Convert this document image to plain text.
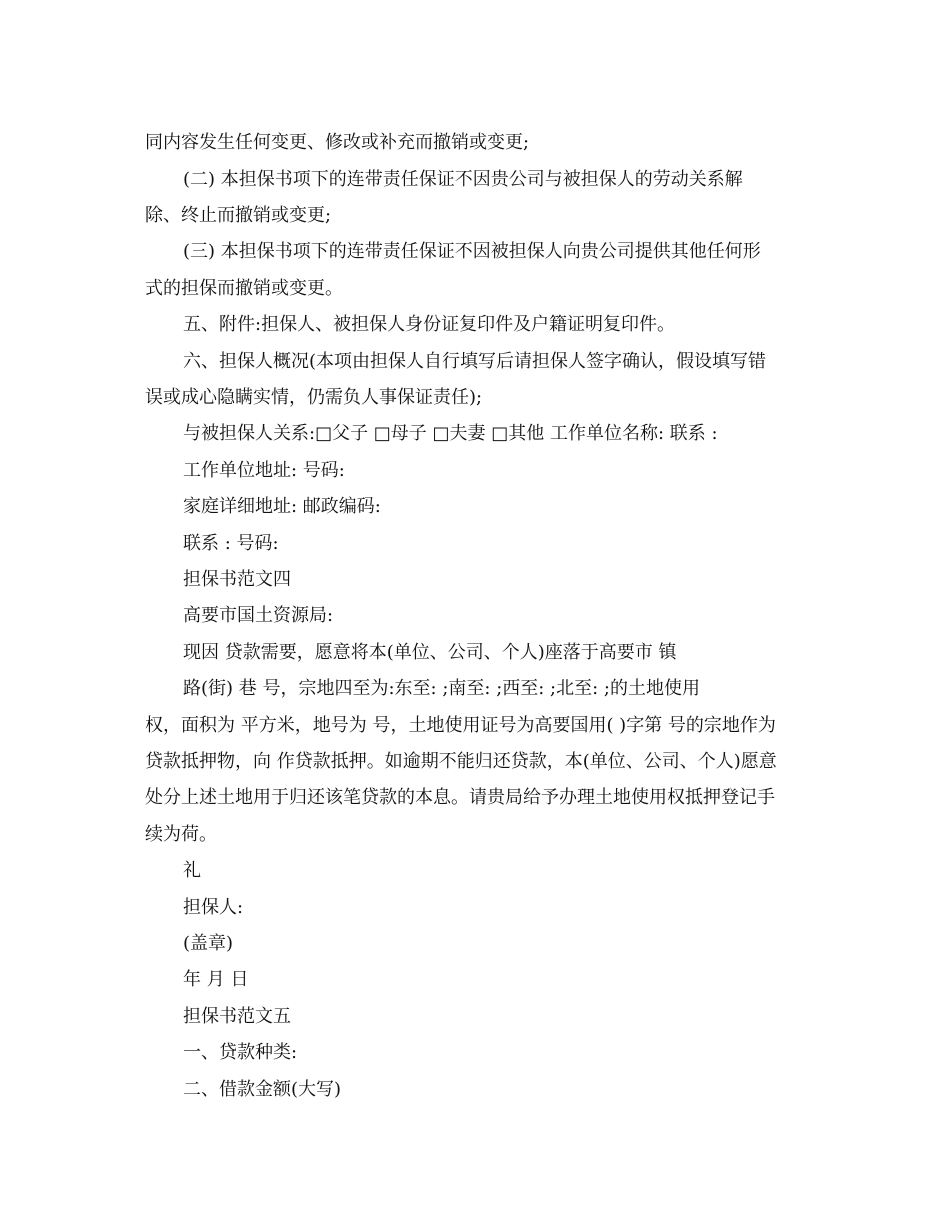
同内容发生任何变更、修改或补充而撤销或变更;
(二) 本担保书项下的连带责任保证不因贵公司与被担保人的劳动关系解
除、终止而撤销或变更;
(三) 本担保书项下的连带责任保证不因被担保人向贵公司提供其他任何形
式的担保而撤销或变更。
五、附件:担保人、被担保人身份证复印件及户籍证明复印件。
六、担保人概况(本项由担保人自行填写后请担保人签字确认，假设填写错
误或成心隐瞒实情，仍需负人事保证责任);
与被担保人关系:□父子 □母子 □夫妻 □其他 工作单位名称: 联系 :
工作单位地址: 号码:
家庭详细地址: 邮政编码:
联系 : 号码:
担保书范文四
高要市国土资源局:
现因 贷款需要，愿意将本(单位、公司、个人)座落于高要市 镇
路(街) 巷 号，宗地四至为:东至: ;南至: ;西至: ;北至: ;的土地使用
权，面积为 平方米，地号为 号，土地使用证号为高要国用( )字第 号的宗地作为
贷款抵押物，向 作贷款抵押。如逾期不能归还贷款，本(单位、公司、个人)愿意
处分上述土地用于归还该笔贷款的本息。请贵局给予办理土地使用权抵押登记手
续为荷。
礼
担保人:
(盖章)
年 月 日
担保书范文五
一、贷款种类:
二、借款金额(大写)
